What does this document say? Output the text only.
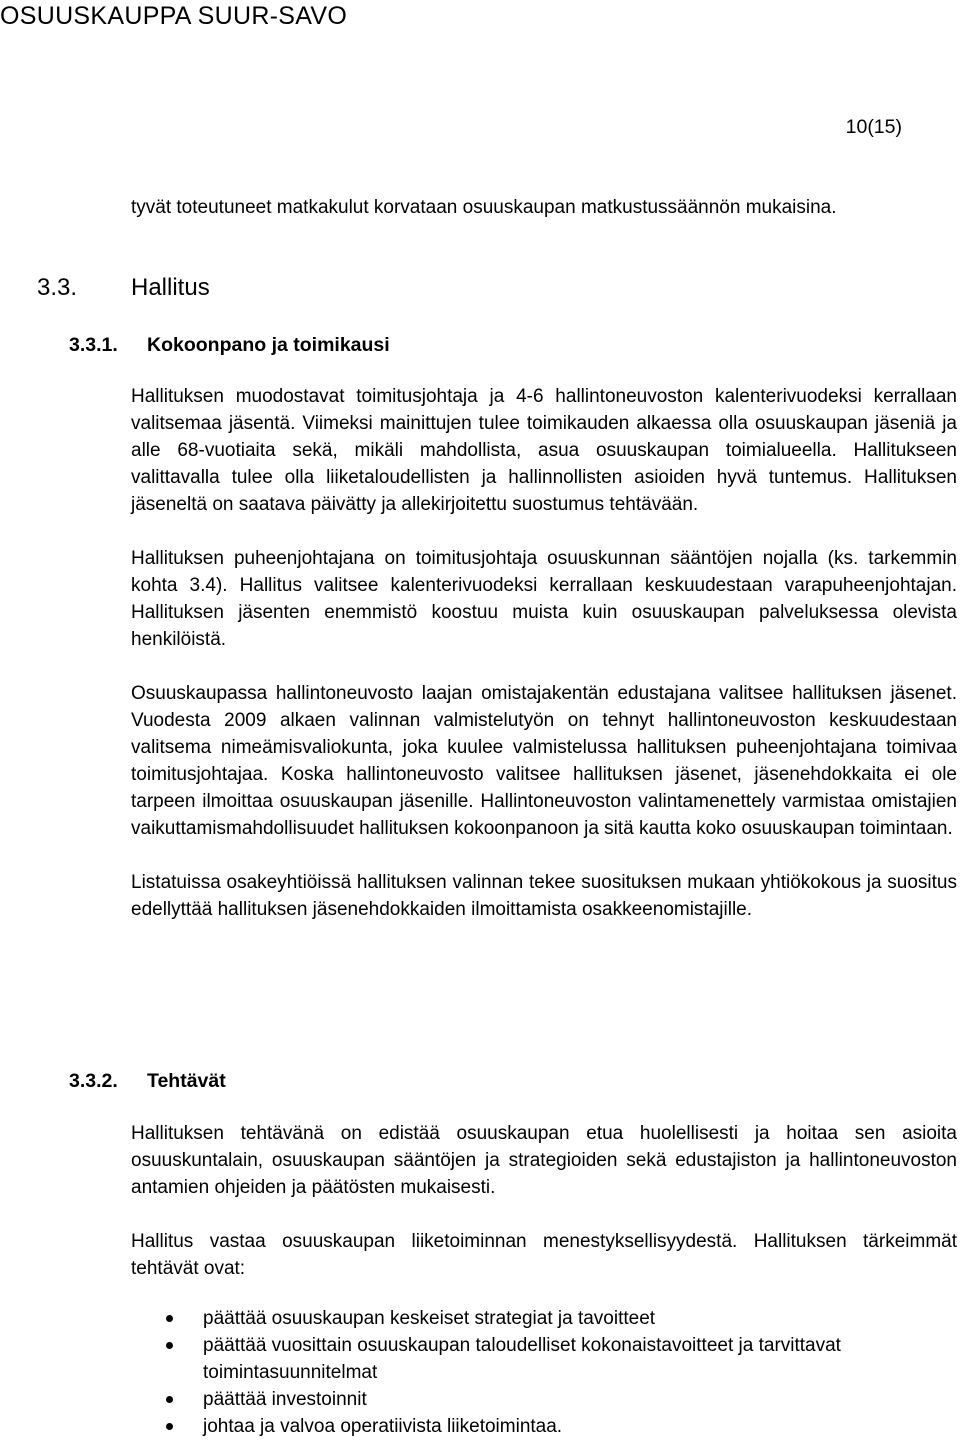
OSUUSKAUPPA SUUR-SAVO
10(15)

tyvät toteutuneet matkakulut korvataan osuuskaupan matkustussäännön mukaisina.

3.3. Hallitus
3.3.1. Kokoonpano ja toimikausi

Hallituksen muodostavat toimitusjohtaja ja 4-6 hallintoneuvoston kalenterivuodeksi kerrallaan valitsemaa jäsentä. Viimeksi mainittujen tulee toimikauden alkaessa olla osuuskaupan jäseniä ja alle 68-vuotiaita sekä, mikäli mahdollista, asua osuuskaupan toimialueella. Hallitukseen valittavalla tulee olla liiketaloudellisten ja hallinnollisten asioiden hyvä tuntemus. Hallituksen jäseneltä on saatava päivätty ja allekirjoitettu suostumus tehtävään.

Hallituksen puheenjohtajana on toimitusjohtaja osuuskunnan sääntöjen nojalla (ks. tarkemmin kohta 3.4). Hallitus valitsee kalenterivuodeksi kerrallaan keskuudestaan varapuheenjohtajan. Hallituksen jäsenten enemmistö koostuu muista kuin osuuskaupan palveluksessa olevista henkilöistä.

Osuuskaupassa hallintoneuvosto laajan omistajakentän edustajana valitsee hallituksen jäsenet. Vuodesta 2009 alkaen valinnan valmistelutyön on tehnyt hallintoneuvoston keskuudestaan valitsema nimeämisvaliokunta, joka kuulee valmistelussa hallituksen puheenjohtajana toimivaa toimitusjohtajaa. Koska hallintoneuvosto valitsee hallituksen jäsenet, jäsenehdokkaita ei ole tarpeen ilmoittaa osuuskaupan jäsenille. Hallintoneuvoston valintamenettely varmistaa omistajien vaikuttamismahdollisuudet hallituksen kokoonpanoon ja sitä kautta koko osuuskaupan toimintaan.

Listatuissa osakeyhtiöissä hallituksen valinnan tekee suosituksen mukaan yhtiökokous ja suositus edellyttää hallituksen jäsenehdokkaiden ilmoittamista osakkeenomistajille.

3.3.2. Tehtävät

Hallituksen tehtävänä on edistää osuuskaupan etua huolellisesti ja hoitaa sen asioita osuuskuntalain, osuuskaupan sääntöjen ja strategioiden sekä edustajiston ja hallintoneuvoston antamien ohjeiden ja päätösten mukaisesti.

Hallitus vastaa osuuskaupan liiketoiminnan menestyksellisyydestä. Hallituksen tärkeimmät tehtävät ovat:

päättää osuuskaupan keskeiset strategiat ja tavoitteet
päättää vuosittain osuuskaupan taloudelliset kokonaistavoitteet ja tarvittavat toimintasuunnitelmat
päättää investoinnit
johtaa ja valvoa operatiivista liiketoimintaa.
